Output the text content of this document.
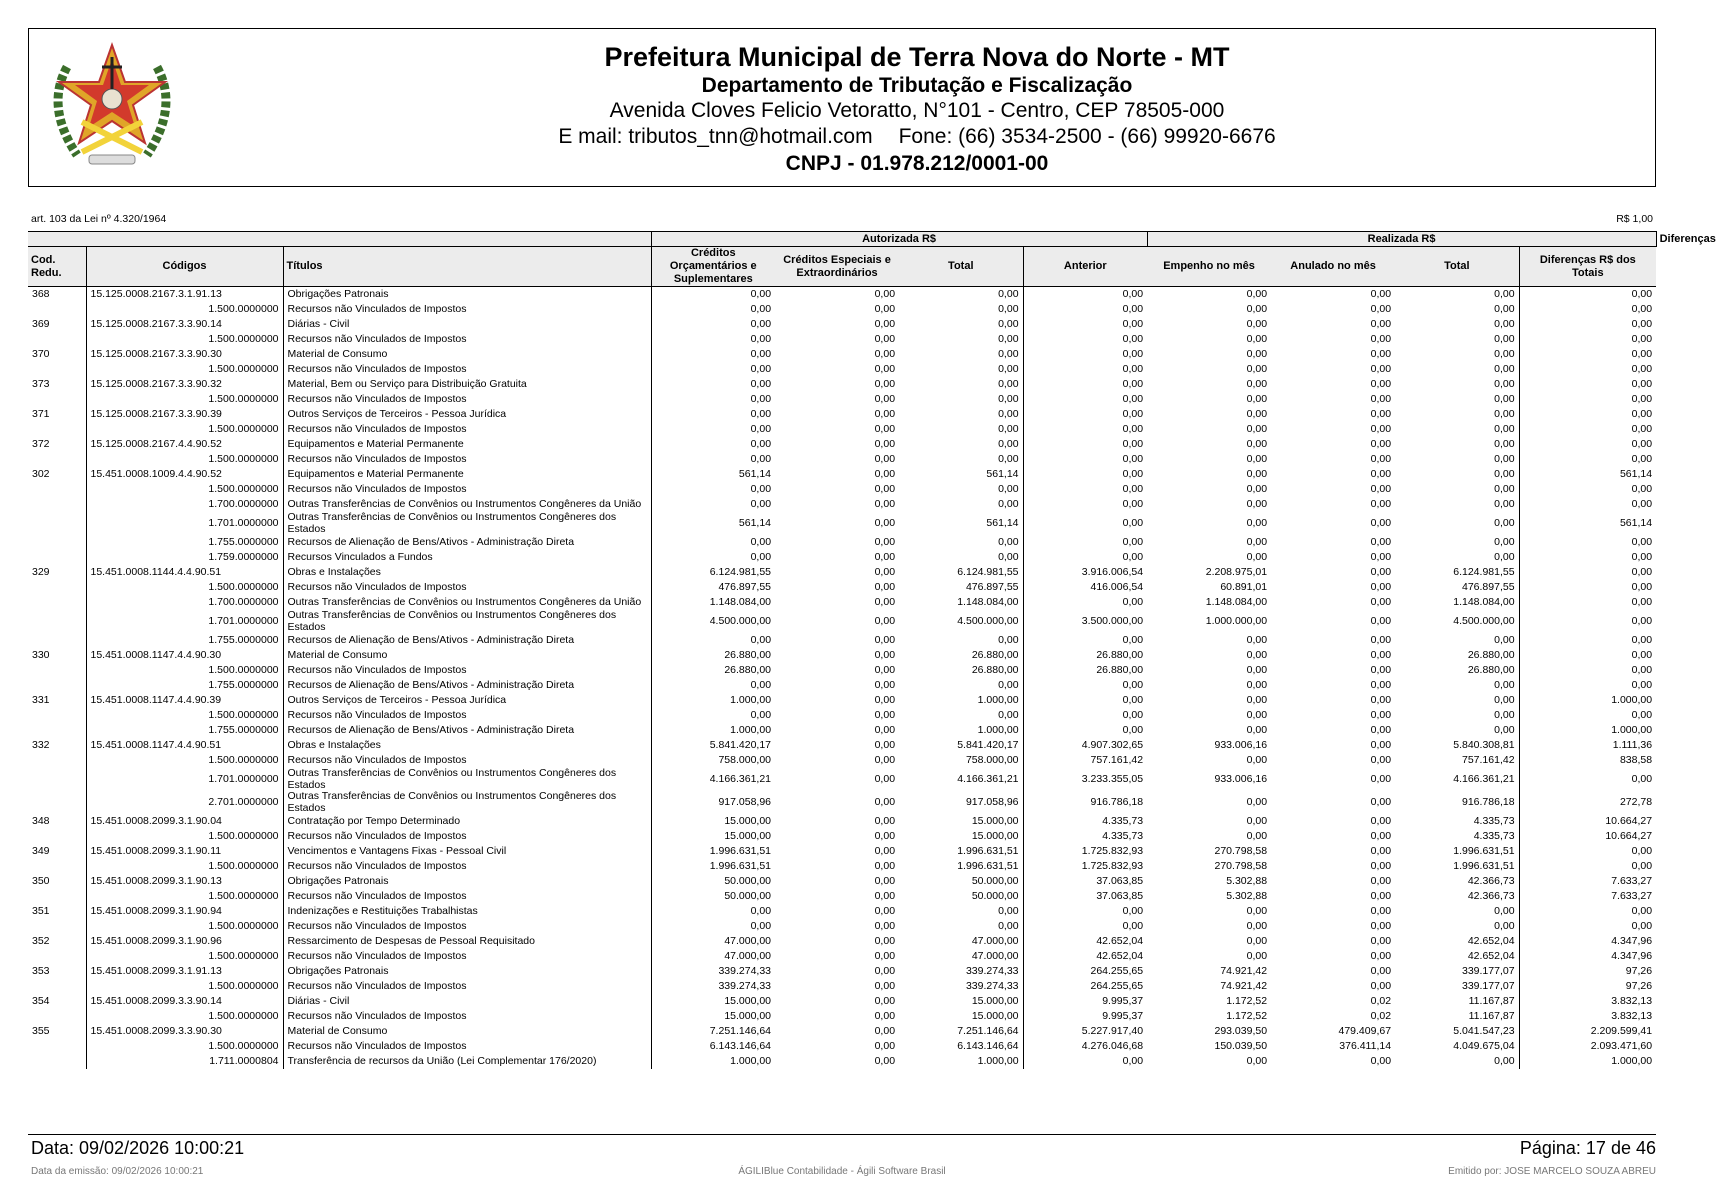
Prefeitura Municipal de Terra Nova do Norte - MT
Departamento de Tributação e Fiscalização
Avenida Cloves Felicio Vetoratto, N°101 - Centro, CEP 78505-000
E mail: tributos_tnn@hotmail.com Fone: (66) 3534-2500 - (66) 99920-6676
CNPJ - 01.978.212/0001-00
art. 103 da Lei nº 4.320/1964	R$ 1,00
			Autorizada R$				Realizada R$				Diferenças
Cod. Redu.	Códigos	Títulos	Créditos Orçamentários e Suplementares	Créditos Especiais e Extraordinários	Total	Anterior	Empenho no mês	Anulado no mês	Total	Diferenças R$ dos Totais	
368	15.125.0008.2167.3.1.91.13	Obrigações Patronais	0,00	0,00	0,00	0,00	0,00	0,00	0,00	0,00	
	1.500.0000000	Recursos não Vinculados de Impostos	0,00	0,00	0,00	0,00	0,00	0,00	0,00	0,00	
369	15.125.0008.2167.3.3.90.14	Diárias - Civil	0,00	0,00	0,00	0,00	0,00	0,00	0,00	0,00	
	1.500.0000000	Recursos não Vinculados de Impostos	0,00	0,00	0,00	0,00	0,00	0,00	0,00	0,00	
370	15.125.0008.2167.3.3.90.30	Material de Consumo	0,00	0,00	0,00	0,00	0,00	0,00	0,00	0,00	
	1.500.0000000	Recursos não Vinculados de Impostos	0,00	0,00	0,00	0,00	0,00	0,00	0,00	0,00	
373	15.125.0008.2167.3.3.90.32	Material, Bem ou Serviço para Distribuição Gratuita	0,00	0,00	0,00	0,00	0,00	0,00	0,00	0,00	
	1.500.0000000	Recursos não Vinculados de Impostos	0,00	0,00	0,00	0,00	0,00	0,00	0,00	0,00	
371	15.125.0008.2167.3.3.90.39	Outros Serviços de Terceiros - Pessoa Jurídica	0,00	0,00	0,00	0,00	0,00	0,00	0,00	0,00	
	1.500.0000000	Recursos não Vinculados de Impostos	0,00	0,00	0,00	0,00	0,00	0,00	0,00	0,00	
372	15.125.0008.2167.4.4.90.52	Equipamentos e Material Permanente	0,00	0,00	0,00	0,00	0,00	0,00	0,00	0,00	
	1.500.0000000	Recursos não Vinculados de Impostos	0,00	0,00	0,00	0,00	0,00	0,00	0,00	0,00	
302	15.451.0008.1009.4.4.90.52	Equipamentos e Material Permanente	561,14	0,00	561,14	0,00	0,00	0,00	0,00	561,14	
	1.500.0000000	Recursos não Vinculados de Impostos	0,00	0,00	0,00	0,00	0,00	0,00	0,00	0,00	
	1.700.0000000	Outras Transferências de Convênios ou Instrumentos Congêneres da União	0,00	0,00	0,00	0,00	0,00	0,00	0,00	0,00	
	1.701.0000000	Outras Transferências de Convênios ou Instrumentos Congêneres dos Estados	561,14	0,00	561,14	0,00	0,00	0,00	0,00	561,14	
	1.755.0000000	Recursos de Alienação de Bens/Ativos - Administração Direta	0,00	0,00	0,00	0,00	0,00	0,00	0,00	0,00	
	1.759.0000000	Recursos Vinculados a Fundos	0,00	0,00	0,00	0,00	0,00	0,00	0,00	0,00	
329	15.451.0008.1144.4.4.90.51	Obras e Instalações	6.124.981,55	0,00	6.124.981,55	3.916.006,54	2.208.975,01	0,00	6.124.981,55	0,00	
	1.500.0000000	Recursos não Vinculados de Impostos	476.897,55	0,00	476.897,55	416.006,54	60.891,01	0,00	476.897,55	0,00	
	1.700.0000000	Outras Transferências de Convênios ou Instrumentos Congêneres da União	1.148.084,00	0,00	1.148.084,00	0,00	1.148.084,00	0,00	1.148.084,00	0,00	
	1.701.0000000	Outras Transferências de Convênios ou Instrumentos Congêneres dos Estados	4.500.000,00	0,00	4.500.000,00	3.500.000,00	1.000.000,00	0,00	4.500.000,00	0,00	
	1.755.0000000	Recursos de Alienação de Bens/Ativos - Administração Direta	0,00	0,00	0,00	0,00	0,00	0,00	0,00	0,00	
330	15.451.0008.1147.4.4.90.30	Material de Consumo	26.880,00	0,00	26.880,00	26.880,00	0,00	0,00	26.880,00	0,00	
	1.500.0000000	Recursos não Vinculados de Impostos	26.880,00	0,00	26.880,00	26.880,00	0,00	0,00	26.880,00	0,00	
	1.755.0000000	Recursos de Alienação de Bens/Ativos - Administração Direta	0,00	0,00	0,00	0,00	0,00	0,00	0,00	0,00	
331	15.451.0008.1147.4.4.90.39	Outros Serviços de Terceiros - Pessoa Jurídica	1.000,00	0,00	1.000,00	0,00	0,00	0,00	0,00	1.000,00	
	1.500.0000000	Recursos não Vinculados de Impostos	0,00	0,00	0,00	0,00	0,00	0,00	0,00	0,00	
	1.755.0000000	Recursos de Alienação de Bens/Ativos - Administração Direta	1.000,00	0,00	1.000,00	0,00	0,00	0,00	0,00	1.000,00	
332	15.451.0008.1147.4.4.90.51	Obras e Instalações	5.841.420,17	0,00	5.841.420,17	4.907.302,65	933.006,16	0,00	5.840.308,81	1.111,36	
	1.500.0000000	Recursos não Vinculados de Impostos	758.000,00	0,00	758.000,00	757.161,42	0,00	0,00	757.161,42	838,58	
	1.701.0000000	Outras Transferências de Convênios ou Instrumentos Congêneres dos Estados	4.166.361,21	0,00	4.166.361,21	3.233.355,05	933.006,16	0,00	4.166.361,21	0,00	
	2.701.0000000	Outras Transferências de Convênios ou Instrumentos Congêneres dos Estados	917.058,96	0,00	917.058,96	916.786,18	0,00	0,00	916.786,18	272,78	
348	15.451.0008.2099.3.1.90.04	Contratação por Tempo Determinado	15.000,00	0,00	15.000,00	4.335,73	0,00	0,00	4.335,73	10.664,27	
	1.500.0000000	Recursos não Vinculados de Impostos	15.000,00	0,00	15.000,00	4.335,73	0,00	0,00	4.335,73	10.664,27	
349	15.451.0008.2099.3.1.90.11	Vencimentos e Vantagens Fixas - Pessoal Civil	1.996.631,51	0,00	1.996.631,51	1.725.832,93	270.798,58	0,00	1.996.631,51	0,00	
	1.500.0000000	Recursos não Vinculados de Impostos	1.996.631,51	0,00	1.996.631,51	1.725.832,93	270.798,58	0,00	1.996.631,51	0,00	
350	15.451.0008.2099.3.1.90.13	Obrigações Patronais	50.000,00	0,00	50.000,00	37.063,85	5.302,88	0,00	42.366,73	7.633,27	
	1.500.0000000	Recursos não Vinculados de Impostos	50.000,00	0,00	50.000,00	37.063,85	5.302,88	0,00	42.366,73	7.633,27	
351	15.451.0008.2099.3.1.90.94	Indenizações e Restituições Trabalhistas	0,00	0,00	0,00	0,00	0,00	0,00	0,00	0,00	
	1.500.0000000	Recursos não Vinculados de Impostos	0,00	0,00	0,00	0,00	0,00	0,00	0,00	0,00	
352	15.451.0008.2099.3.1.90.96	Ressarcimento de Despesas de Pessoal Requisitado	47.000,00	0,00	47.000,00	42.652,04	0,00	0,00	42.652,04	4.347,96	
	1.500.0000000	Recursos não Vinculados de Impostos	47.000,00	0,00	47.000,00	42.652,04	0,00	0,00	42.652,04	4.347,96	
353	15.451.0008.2099.3.1.91.13	Obrigações Patronais	339.274,33	0,00	339.274,33	264.255,65	74.921,42	0,00	339.177,07	97,26	
	1.500.0000000	Recursos não Vinculados de Impostos	339.274,33	0,00	339.274,33	264.255,65	74.921,42	0,00	339.177,07	97,26	
354	15.451.0008.2099.3.3.90.14	Diárias - Civil	15.000,00	0,00	15.000,00	9.995,37	1.172,52	0,02	11.167,87	3.832,13	
	1.500.0000000	Recursos não Vinculados de Impostos	15.000,00	0,00	15.000,00	9.995,37	1.172,52	0,02	11.167,87	3.832,13	
355	15.451.0008.2099.3.3.90.30	Material de Consumo	7.251.146,64	0,00	7.251.146,64	5.227.917,40	293.039,50	479.409,67	5.041.547,23	2.209.599,41	
	1.500.0000000	Recursos não Vinculados de Impostos	6.143.146,64	0,00	6.143.146,64	4.276.046,68	150.039,50	376.411,14	4.049.675,04	2.093.471,60	
	1.711.0000804	Transferência de recursos da União (Lei Complementar 176/2020)	1.000,00	0,00	1.000,00	0,00	0,00	0,00	0,00	1.000,00	
Data: 09/02/2026 10:00:21	Página: 17 de 46
Data da emissão: 09/02/2026 10:00:21	ÁGILIBlue Contabilidade - Ágili Software Brasil	Emitido por: JOSE MARCELO SOUZA ABREU
